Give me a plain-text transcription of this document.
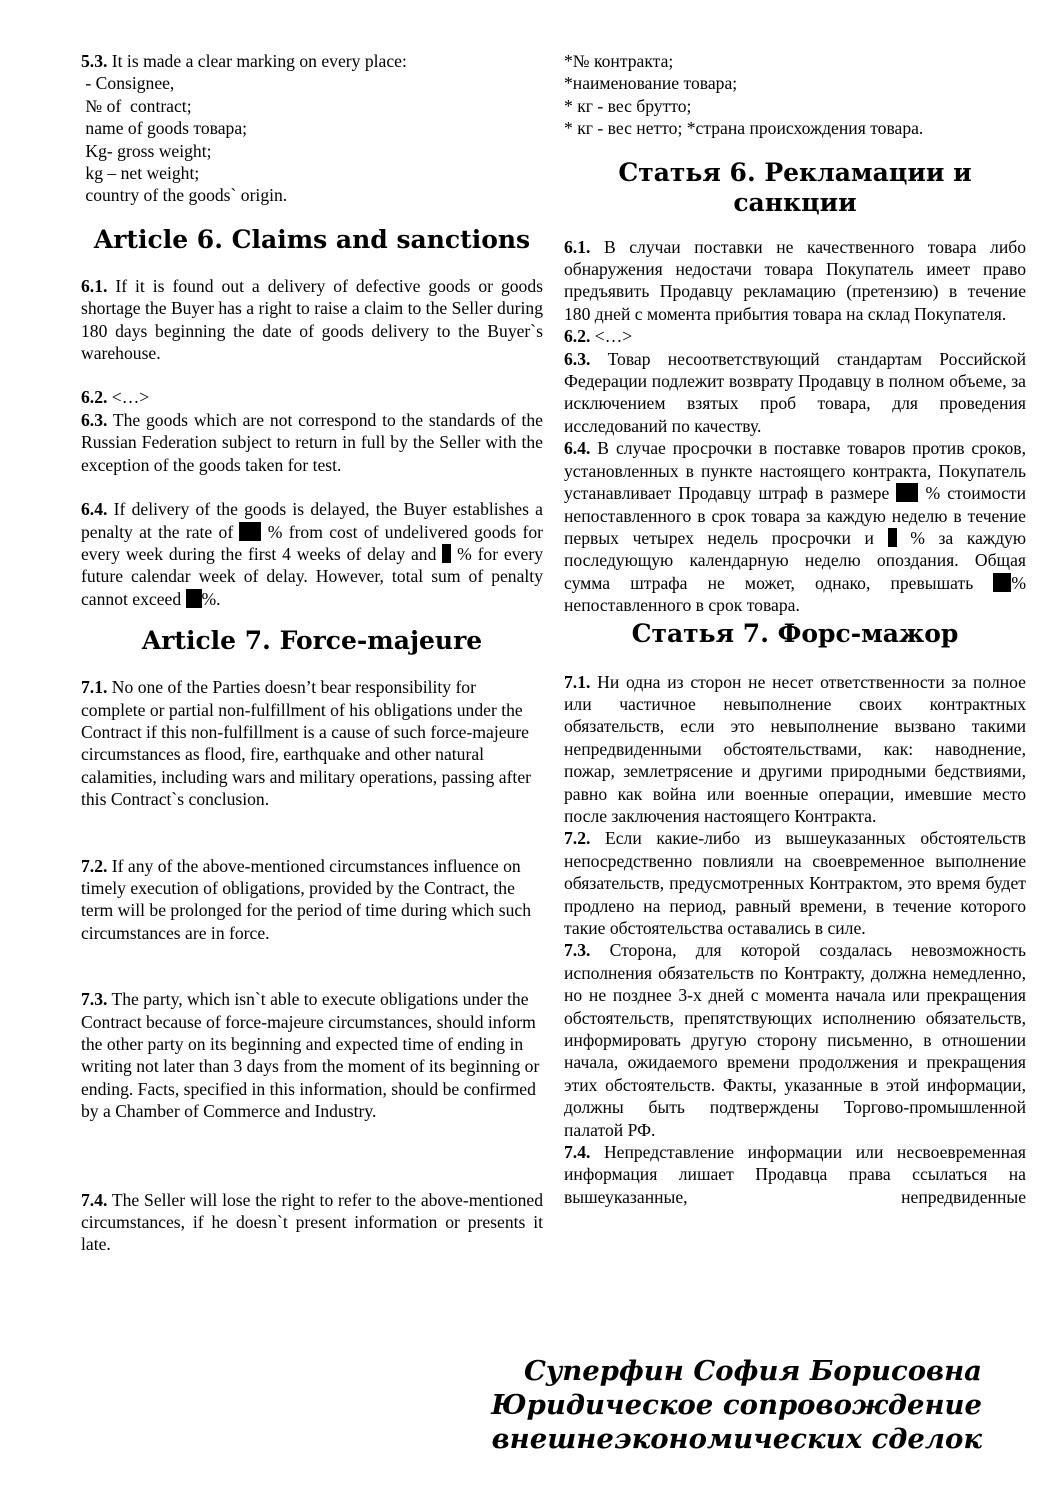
5.3. It is made a clear marking on every place:

- Consignee,

№ of  contract;

name of goods товара;

Kg- gross weight;

kg – net weight;

country of the goods` origin.

Article 6. Claims and sanctions

6.1. If it is found out a delivery of defective goods or goods shortage the Buyer has a right to raise a claim to the Seller during 180 days beginning the date of goods delivery to the Buyer`s warehouse.

6.2. <…>

6.3. The goods which are not correspond to the standards of the Russian Federation subject to return in full by the Seller with the exception of the goods taken for test.

6.4. If delivery of the goods is delayed, the Buyer establishes a penalty at the rate of  % from cost of undelivered goods for every week during the first 4 weeks of delay and  % for every future calendar week of delay. However, total sum of penalty cannot exceed %.

Article 7. Force-majeure

7.1. No one of the Parties doesn’t bear responsibility for complete or partial non-fulfillment of his obligations under the Contract if this non-fulfillment is a cause of such force-majeure circumstances as flood, fire, earthquake and other natural calamities, including wars and military operations, passing after this Contract`s conclusion.

7.2. If any of the above-mentioned circumstances influence on timely execution of obligations, provided by the Contract, the term will be prolonged for the period of time during which such circumstances are in force.

7.3. The party, which isn`t able to execute obligations under the Contract because of force-majeure circumstances, should inform the other party on its beginning and expected time of ending in writing not later than 3 days from the moment of its beginning or ending. Facts, specified in this information, should be confirmed by a Chamber of Commerce and Industry.

7.4. The Seller will lose the right to refer to the above-mentioned circumstances, if he doesn`t present information or presents it late.

*№ контракта;

*наименование товара;

* кг - вес брутто;

* кг - вес нетто; *страна происхождения товара.

Статья 6. Рекламации и санкции

6.1. В случаи поставки не качественного товара либо обнаружения недостачи товара Покупатель имеет право предъявить Продавцу рекламацию (претензию) в течение 180 дней с момента прибытия товара на склад Покупателя.

6.2. <…>

6.3. Товар несоответствующий стандартам Российской Федерации подлежит возврату Продавцу в полном объеме, за исключением взятых проб товара, для проведения исследований по качеству.

6.4. В случае просрочки в поставке товаров против сроков, установленных в пункте настоящего контракта, Покупатель устанавливает Продавцу штраф в размере  % стоимости непоставленного в срок товара за каждую неделю в течение первых четырех недель просрочки и  % за каждую последующую календарную неделю опоздания. Общая сумма штрафа не может, однако, превышать % непоставленного в срок товара.

Статья 7. Форс-мажор

7.1. Ни одна из сторон не несет ответственности за полное или частичное невыполнение своих контрактных обязательств, если это невыполнение вызвано такими непредвиденными обстоятельствами, как: наводнение, пожар, землетрясение и другими природными бедствиями, равно как война или военные операции, имевшие место после заключения настоящего Контракта.

7.2. Если какие-либо из вышеуказанных обстоятельств непосредственно повлияли на своевременное выполнение обязательств, предусмотренных Контрактом, это время будет продлено на период, равный времени, в течение которого такие обстоятельства оставались в силе.

7.3. Сторона, для которой создалась невозможность исполнения обязательств по Контракту, должна немедленно, но не позднее 3-х дней с момента начала или прекращения обстоятельств, препятствующих исполнению обязательств, информировать другую сторону письменно, в отношении начала, ожидаемого времени продолжения и прекращения этих обстоятельств. Факты, указанные в этой информации, должны быть подтверждены Торгово-промышленной палатой РФ.

7.4. Непредставление информации или несвоевременная информация лишает Продавца права ссылаться на вышеуказанные, непредвиденные

Суперфин София Борисовна
Юридическое сопровождение
внешнеэкономических сделок
